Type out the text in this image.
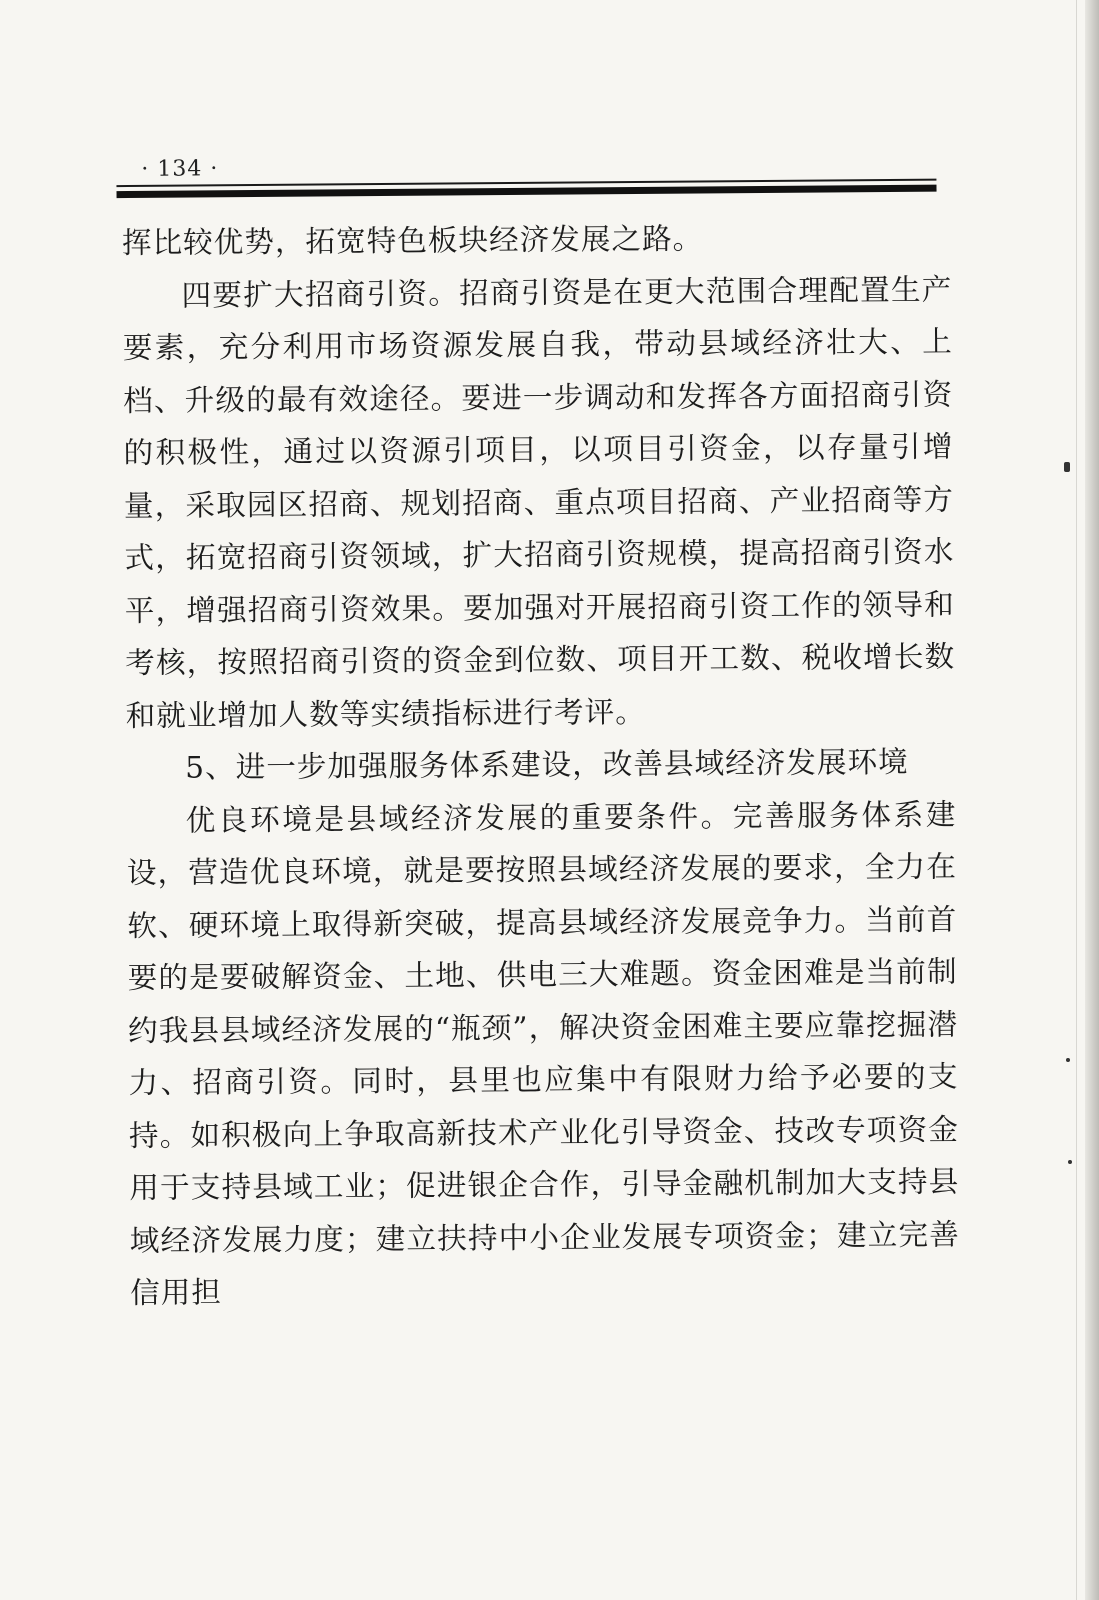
· 134 ·

挥比较优势，拓宽特色板块经济发展之路。

四要扩大招商引资。招商引资是在更大范围合理配置生产要素，充分利用市场资源发展自我，带动县域经济壮大、上档、升级的最有效途径。要进一步调动和发挥各方面招商引资的积极性，通过以资源引项目，以项目引资金，以存量引增量，采取园区招商、规划招商、重点项目招商、产业招商等方式，拓宽招商引资领域，扩大招商引资规模，提高招商引资水平，增强招商引资效果。要加强对开展招商引资工作的领导和考核，按照招商引资的资金到位数、项目开工数、税收增长数和就业增加人数等实绩指标进行考评。

5、进一步加强服务体系建设，改善县域经济发展环境

优良环境是县域经济发展的重要条件。完善服务体系建设，营造优良环境，就是要按照县域经济发展的要求，全力在软、硬环境上取得新突破，提高县域经济发展竞争力。当前首要的是要破解资金、土地、供电三大难题。资金困难是当前制约我县县域经济发展的“瓶颈”，解决资金困难主要应靠挖掘潜力、招商引资。同时，县里也应集中有限财力给予必要的支持。如积极向上争取高新技术产业化引导资金、技改专项资金用于支持县域工业；促进银企合作，引导金融机制加大支持县域经济发展力度；建立扶持中小企业发展专项资金；建立完善信用担
